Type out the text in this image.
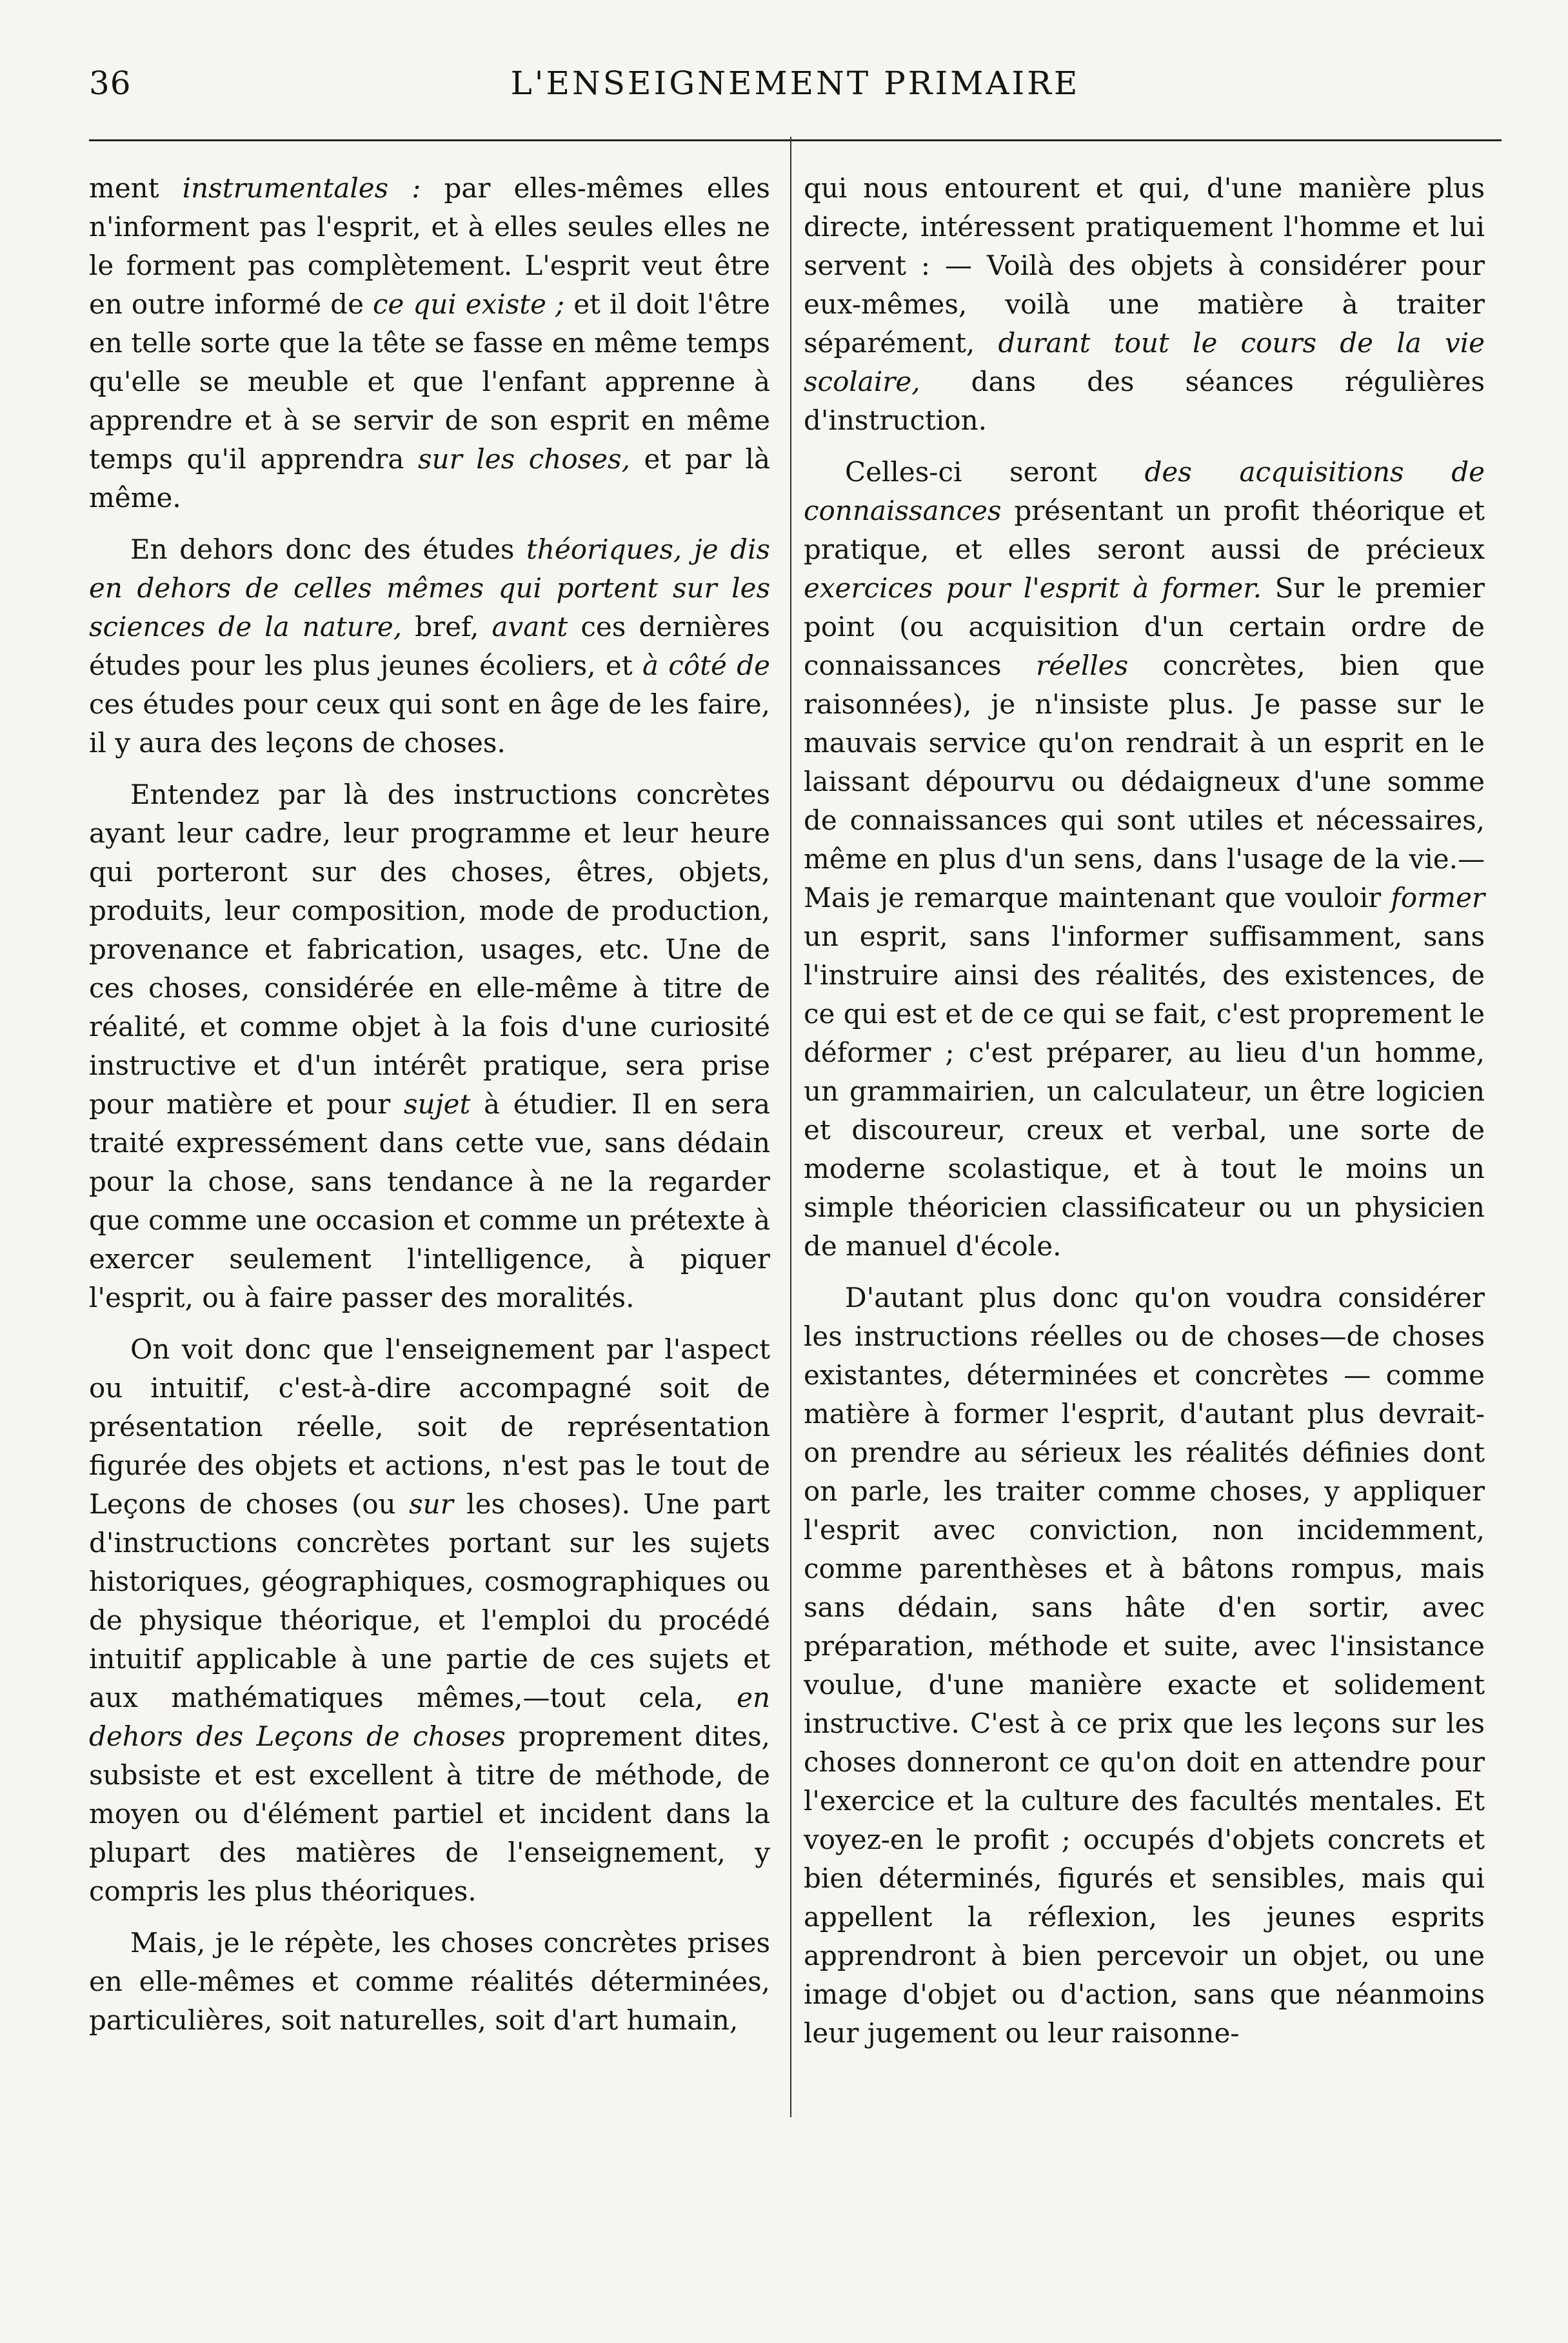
36	L'ENSEIGNEMENT PRIMAIRE

ment instrumentales : par elles-mêmes elles n'informent pas l'esprit, et à elles seules elles ne le forment pas complètement. L'esprit veut être en outre informé de ce qui existe ; et il doit l'être en telle sorte que la tête se fasse en même temps qu'elle se meuble et que l'enfant apprenne à apprendre et à se servir de son esprit en même temps qu'il apprendra sur les choses, et par là même.

En dehors donc des études théoriques, je dis en dehors de celles mêmes qui portent sur les sciences de la nature, bref, avant ces dernières études pour les plus jeunes écoliers, et à côté de ces études pour ceux qui sont en âge de les faire, il y aura des leçons de choses.

Entendez par là des instructions concrètes ayant leur cadre, leur programme et leur heure qui porteront sur des choses, êtres, objets, produits, leur composition, mode de production, provenance et fabrication, usages, etc. Une de ces choses, considérée en elle-même à titre de réalité, et comme objet à la fois d'une curiosité instructive et d'un intérêt pratique, sera prise pour matière et pour sujet à étudier. Il en sera traité expressément dans cette vue, sans dédain pour la chose, sans tendance à ne la regarder que comme une occasion et comme un prétexte à exercer seulement l'intelligence, à piquer l'esprit, ou à faire passer des moralités.

On voit donc que l'enseignement par l'aspect ou intuitif, c'est-à-dire accompagné soit de présentation réelle, soit de représentation figurée des objets et actions, n'est pas le tout de Leçons de choses (ou sur les choses). Une part d'instructions concrètes portant sur les sujets historiques, géographiques, cosmographiques ou de physique théorique, et l'emploi du procédé intuitif applicable à une partie de ces sujets et aux mathématiques mêmes,—tout cela, en dehors des Leçons de choses proprement dites, subsiste et est excellent à titre de méthode, de moyen ou d'élément partiel et incident dans la plupart des matières de l'enseignement, y compris les plus théoriques.

Mais, je le répète, les choses concrètes prises en elle-mêmes et comme réalités déterminées, particulières, soit naturelles, soit d'art humain,

qui nous entourent et qui, d'une manière plus directe, intéressent pratiquement l'homme et lui servent : — Voilà des objets à considérer pour eux-mêmes, voilà une matière à traiter séparément, durant tout le cours de la vie scolaire, dans des séances régulières d'instruction.

Celles-ci seront des acquisitions de connaissances présentant un profit théorique et pratique, et elles seront aussi de précieux exercices pour l'esprit à former. Sur le premier point (ou acquisition d'un certain ordre de connaissances réelles concrètes, bien que raisonnées), je n'insiste plus. Je passe sur le mauvais service qu'on rendrait à un esprit en le laissant dépourvu ou dédaigneux d'une somme de connaissances qui sont utiles et nécessaires, même en plus d'un sens, dans l'usage de la vie.—Mais je remarque maintenant que vouloir former un esprit, sans l'informer suffisamment, sans l'instruire ainsi des réalités, des existences, de ce qui est et de ce qui se fait, c'est proprement le déformer ; c'est préparer, au lieu d'un homme, un grammairien, un calculateur, un être logicien et discoureur, creux et verbal, une sorte de moderne scolastique, et à tout le moins un simple théoricien classificateur ou un physicien de manuel d'école.

D'autant plus donc qu'on voudra considérer les instructions réelles ou de choses—de choses existantes, déterminées et concrètes — comme matière à former l'esprit, d'autant plus devrait-on prendre au sérieux les réalités définies dont on parle, les traiter comme choses, y appliquer l'esprit avec conviction, non incidemment, comme parenthèses et à bâtons rompus, mais sans dédain, sans hâte d'en sortir, avec préparation, méthode et suite, avec l'insistance voulue, d'une manière exacte et solidement instructive. C'est à ce prix que les leçons sur les choses donneront ce qu'on doit en attendre pour l'exercice et la culture des facultés mentales. Et voyez-en le profit ; occupés d'objets concrets et bien déterminés, figurés et sensibles, mais qui appellent la réflexion, les jeunes esprits apprendront à bien percevoir un objet, ou une image d'objet ou d'action, sans que néanmoins leur jugement ou leur raisonne-
